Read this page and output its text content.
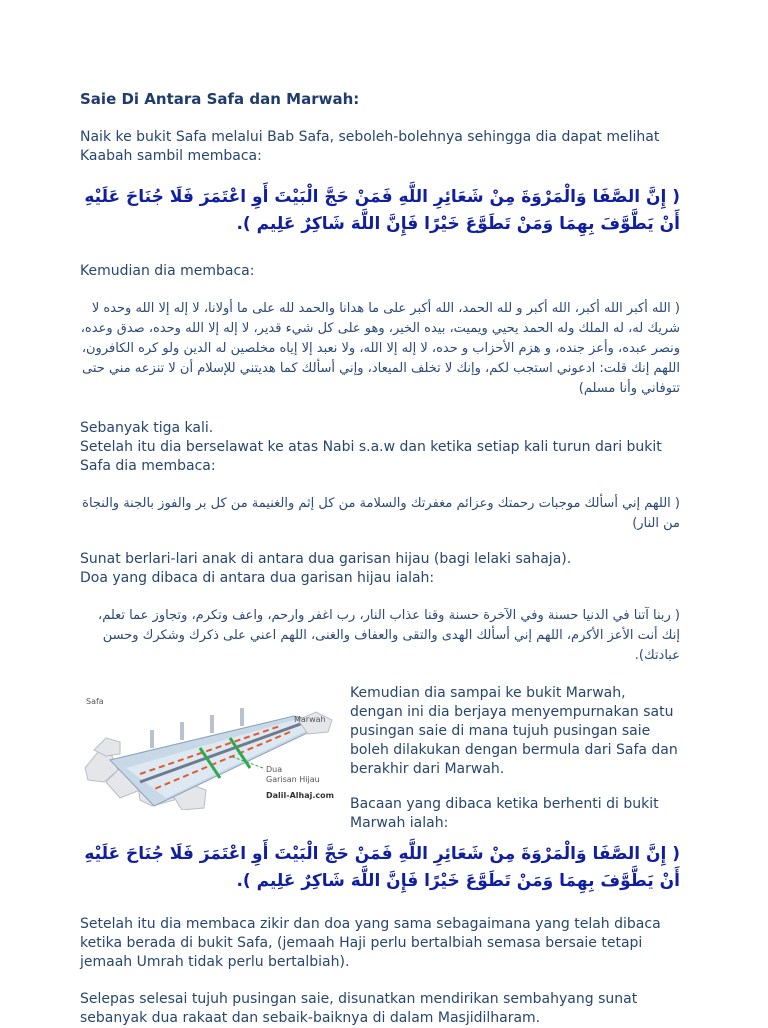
Saie Di Antara Safa dan Marwah:

Naik ke bukit Safa melalui Bab Safa, seboleh-bolehnya sehingga dia dapat melihat Kaabah sambil membaca:

( إِنَّ الصَّفَا وَالْمَرْوَةَ مِنْ شَعَائِرِ اللَّهِ فَمَنْ حَجَّ الْبَيْتَ أَوِ اعْتَمَرَ فَلَا جُنَاحَ عَلَيْهِ أَنْ يَطَّوَّفَ بِهِمَا وَمَنْ تَطَوَّعَ خَيْرًا فَإِنَّ اللَّهَ شَاكِرٌ عَلِيم ).

Kemudian dia membaca:

( الله أكبر الله أكبر، الله أكبر و لله الحمد، الله أكبر على ما هدانا والحمد لله على ما أولانا، لا إله إلا الله وحده لا شريك له، له الملك وله الحمد يحيي ويميت، بيده الخير، وهو على كل شيء قدير، لا إله إلا الله وحده، صدق وعده، ونصر عبده، وأعز جنده، و هزم الأحزاب و حده، لا إله إلا الله، ولا نعبد إلا إياه مخلصين له الدين ولو كره الكافرون، اللهم إنك قلت: ادعوني استجب لكم، وإنك لا تخلف الميعاد، وإني أسألك كما هديتني للإسلام أن لا تنزعه مني حتى تتوفاني وأنا مسلم)

Sebanyak tiga kali.

Setelah itu dia berselawat ke atas Nabi s.a.w dan ketika setiap kali turun dari bukit Safa dia membaca:

( اللهم إني أسألك موجبات رحمتك وعزائم مغفرتك والسلامة من كل إثم والغنيمة من كل بر والفوز بالجنة والنجاة من النار)

Sunat berlari-lari anak di antara dua garisan hijau (bagi lelaki sahaja).

Doa yang dibaca di antara dua garisan hijau ialah:

( ربنا آتنا في الدنيا حسنة وفي الآخرة حسنة وقنا عذاب النار، رب اغفر وارحم، واعف وتكرم، وتجاوز عما تعلم، إنك أنت الأعز الأكرم، اللهم إني أسألك الهدى والتقى والعفاف والغنى، اللهم اعني على ذكرك وشكرك وحسن عبادتك).

Safa
Marwah
Dua
Garisan Hijau
Dalil-Alhaj.com

Kemudian dia sampai ke bukit Marwah, dengan ini dia berjaya menyempurnakan satu pusingan saie di mana tujuh pusingan saie boleh dilakukan dengan bermula dari Safa dan berakhir dari Marwah.

Bacaan yang dibaca ketika berhenti di bukit Marwah ialah:

( إِنَّ الصَّفَا وَالْمَرْوَةَ مِنْ شَعَائِرِ اللَّهِ فَمَنْ حَجَّ الْبَيْتَ أَوِ اعْتَمَرَ فَلَا جُنَاحَ عَلَيْهِ أَنْ يَطَّوَّفَ بِهِمَا وَمَنْ تَطَوَّعَ خَيْرًا فَإِنَّ اللَّهَ شَاكِرٌ عَلِيم ).

Setelah itu dia membaca zikir dan doa yang sama sebagaimana yang telah dibaca ketika berada di bukit Safa, (jemaah Haji perlu bertalbiah semasa bersaie tetapi jemaah Umrah tidak perlu bertalbiah).

Selepas selesai tujuh pusingan saie, disunatkan mendirikan sembahyang sunat sebanyak dua rakaat dan sebaik-baiknya di dalam Masjidilharam.
